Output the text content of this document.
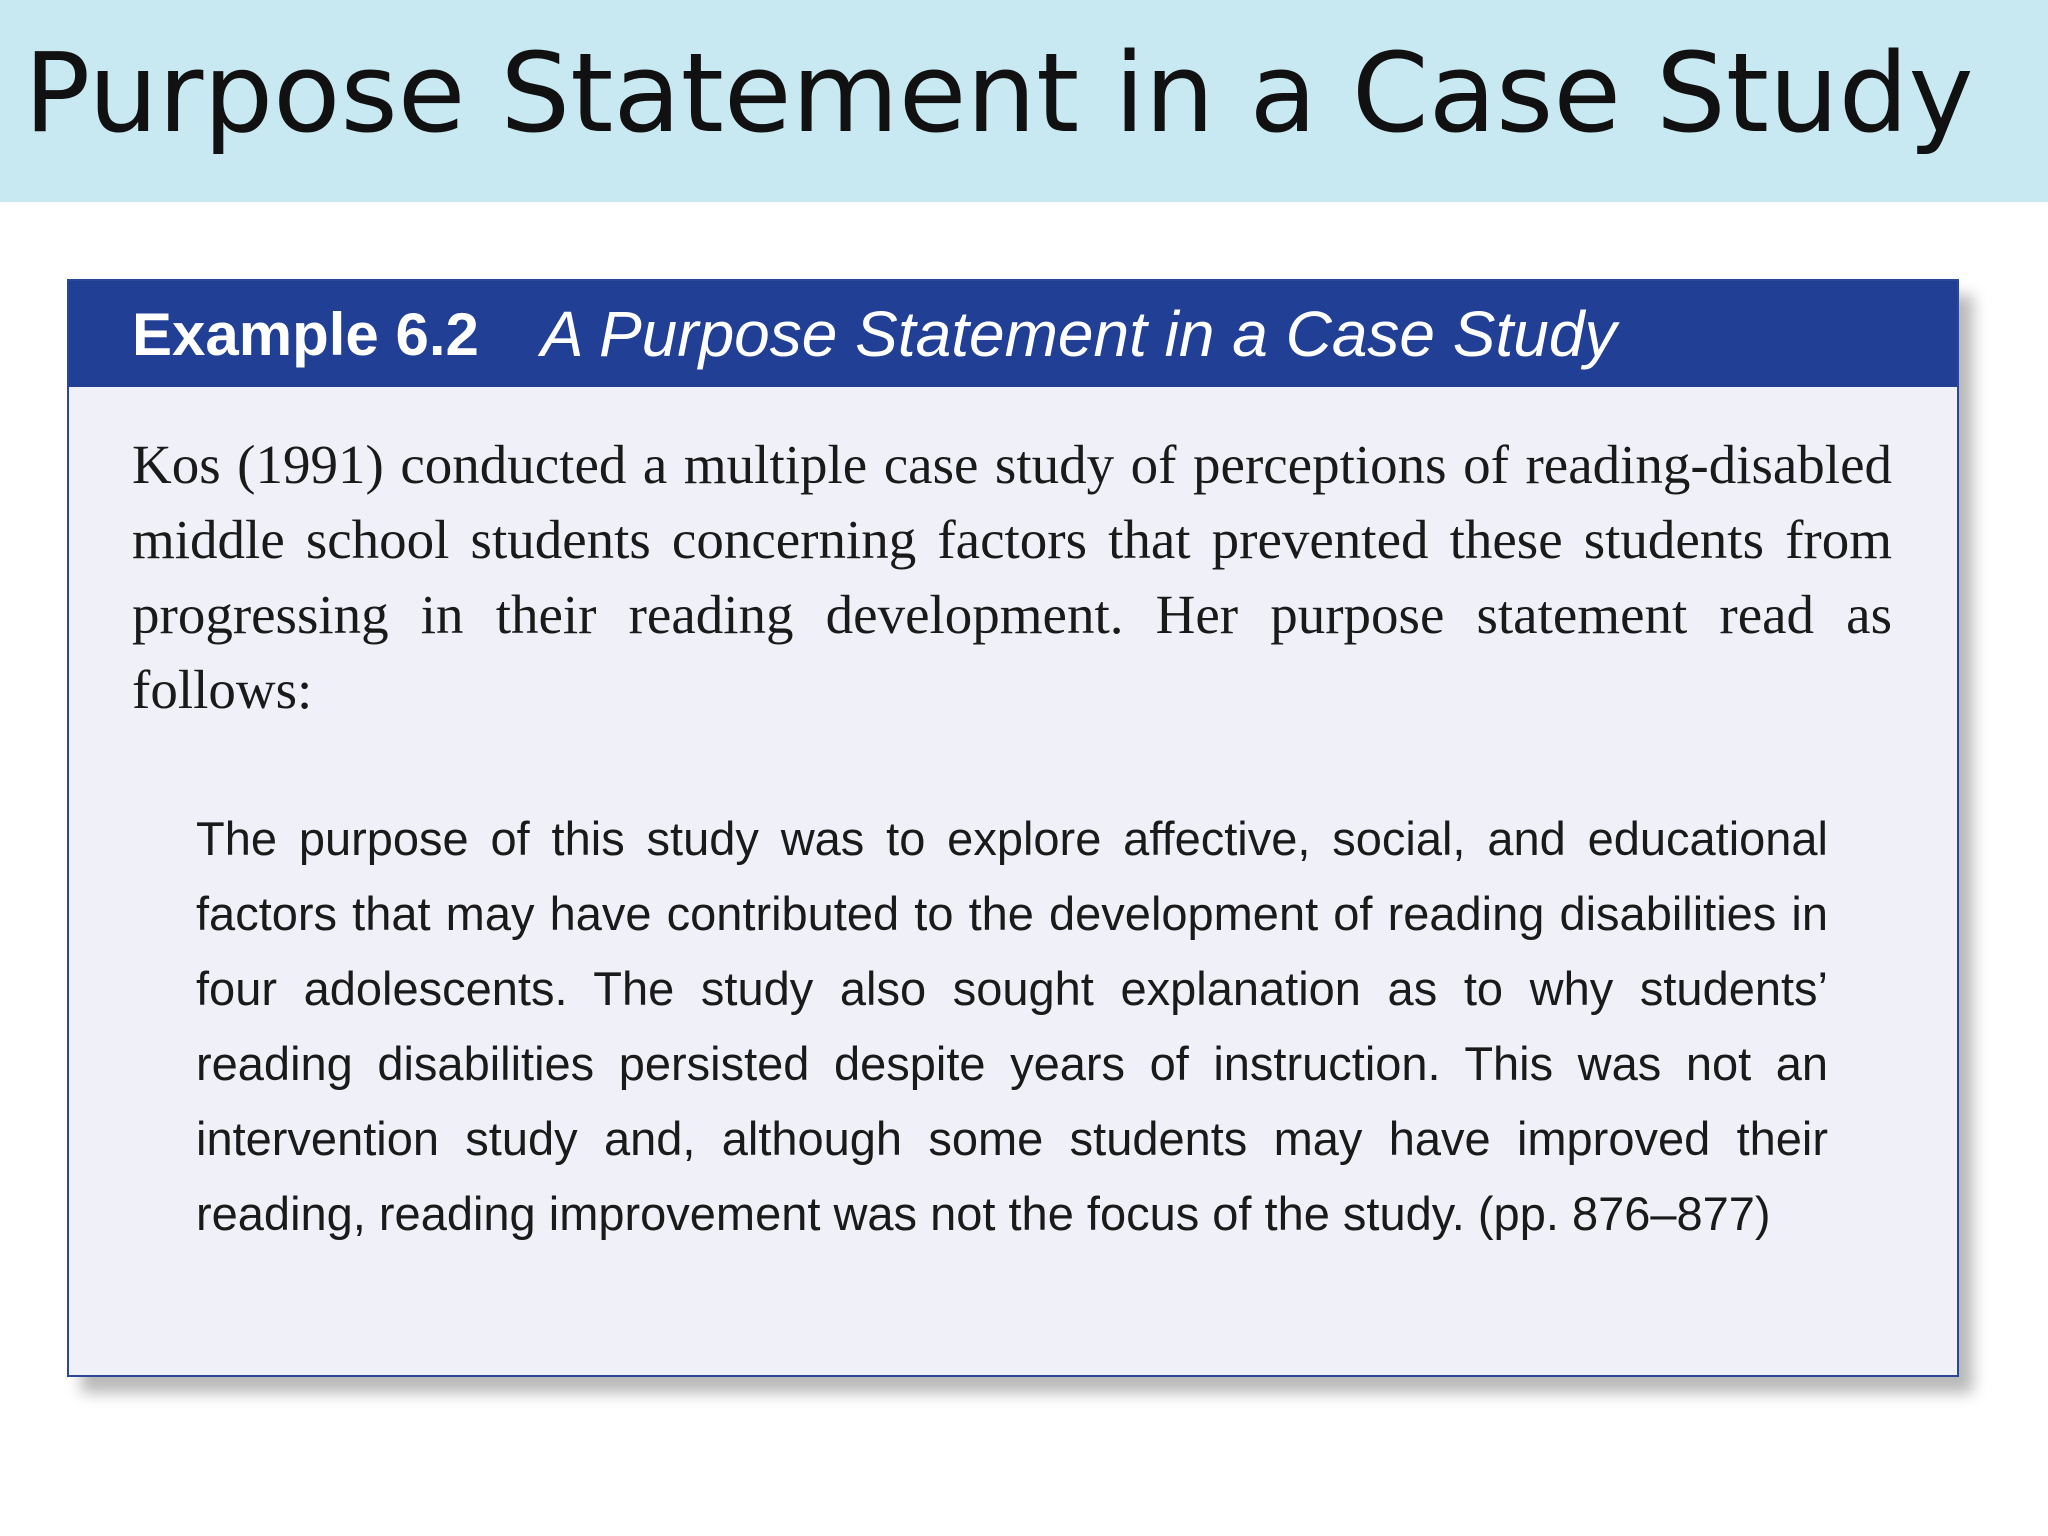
Purpose Statement in a Case Study
Example 6.2 A Purpose Statement in a Case Study

Kos (1991) conducted a multiple case study of perceptions of reading-disabled middle school students concerning factors that prevented these students from progressing in their reading development. Her purpose statement read as follows:

The purpose of this study was to explore affective, social, and educational factors that may have contributed to the development of reading disabilities in four adolescents. The study also sought explanation as to why students’ reading disabilities persisted despite years of instruction. This was not an intervention study and, although some students may have improved their reading, reading improvement was not the focus of the study. (pp. 876–877)
